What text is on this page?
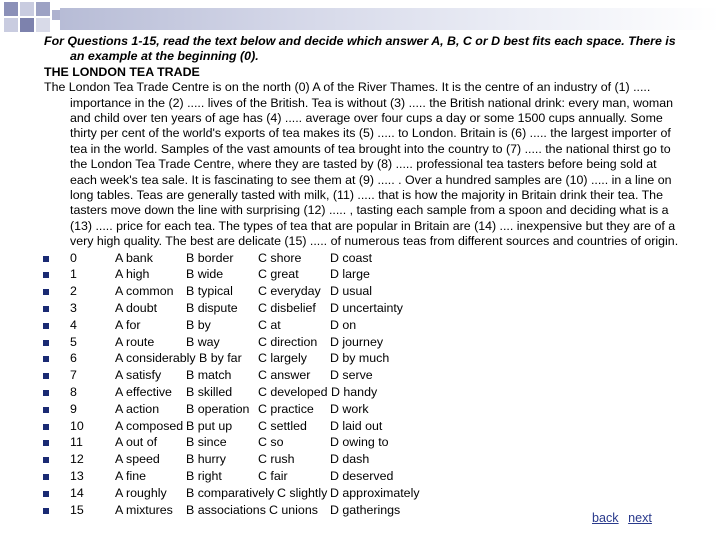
For Questions 1-15, read the text below and decide which answer A, B, C or D best fits each space. There is an example at the beginning (0).
THE LONDON TEA TRADE
The London Tea Trade Centre is on the north (0) A of the River Thames. It is the centre of an industry of (1) ..... importance in the (2) ..... lives of the British. Tea is without (3) ..... the British national drink: every man, woman and child over ten years of age has (4) ..... average over four cups a day or some 1500 cups annually. Some thirty per cent of the world's exports of tea makes its (5) ..... to London. Britain is (6) ..... the largest importer of tea in the world. Samples of the vast amounts of tea brought into the country to (7) ..... the national thirst go to the London Tea Trade Centre, where they are tasted by (8) ..... professional tea tasters before being sold at each week's tea sale. It is fascinating to see them at (9) ..... . Over a hundred samples are (10) ..... in a line on long tables. Teas are generally tasted with milk, (11) ..... that is how the majority in Britain drink their tea. The tasters move down the line with surprising (12) ..... , tasting each sample from a spoon and deciding what is a (13) ..... price for each tea. The types of tea that are popular in Britain are (14) .... inexpensive but they are of a very high quality. The best are delicate (15) ..... of numerous teas from different sources and countries of origin.
0	A bank	B border C shore D coast
1	A high	B wide	C great	D large
2	A common B typical C everyday D usual
3	A doubt B dispute C disbelief D uncertainty
4	A for	B by	C at	D on
5	A route	B way	C direction D journey
6	A considerably B by far C largely D by much
7	A satisfy B match C answer D serve
8	A effective B skilled C developed D handy
9	A action B operation C practice D work
10	A composed B put up C settled D laid out
11	A out of B since	C so	D owing to
12	A speed B hurry	C rush	D dash
13	A fine	B right	C fair	D deserved
14	A roughly B comparatively C slightly D approximately
15	A mixtures B associations C unions D gatherings
back next
